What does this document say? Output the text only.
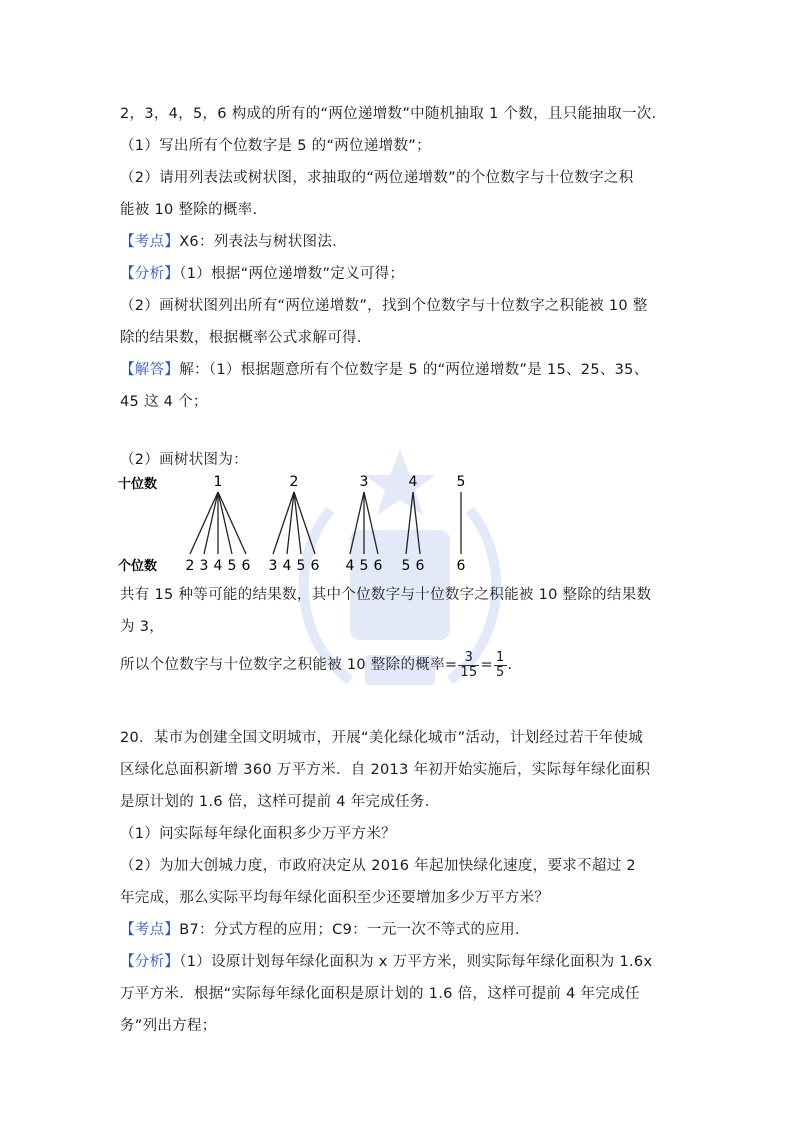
2，3，4，5，6 构成的所有的“两位递增数”中随机抽取 1 个数，且只能抽取一次.
（1）写出所有个位数字是 5 的“两位递增数”；
（2）请用列表法或树状图，求抽取的“两位递增数”的个位数字与十位数字之积
能被 10 整除的概率.
【考点】X6：列表法与树状图法.
【分析】（1）根据“两位递增数”定义可得；
（2）画树状图列出所有“两位递增数”，找到个位数字与十位数字之积能被 10 整
除的结果数，根据概率公式求解可得.
【解答】解：（1）根据题意所有个位数字是 5 的“两位递增数”是 15、25、35、
45 这 4 个；
（2）画树状图为：
十位数
个位数
1
2 3 4 5 6
2
3 4 5 6
3
4 5 6
4
5 6
5
6
共有 15 种等可能的结果数，其中个位数字与十位数字之积能被 10 整除的结果数
为 3，
所以个位数字与十位数字之积能被 10 整除的概率= $\frac{3}{15} = \frac{1}{5}$ .
20．某市为创建全国文明城市，开展“美化绿化城市”活动，计划经过若干年使城
区绿化总面积新增 360 万平方米．自 2013 年初开始实施后，实际每年绿化面积
是原计划的 1.6 倍，这样可提前 4 年完成任务.
（1）问实际每年绿化面积多少万平方米？
（2）为加大创城力度，市政府决定从 2016 年起加快绿化速度，要求不超过 2
年完成，那么实际平均每年绿化面积至少还要增加多少万平方米？
【考点】B7：分式方程的应用；C9：一元一次不等式的应用.
【分析】（1）设原计划每年绿化面积为 x 万平方米，则实际每年绿化面积为 1.6x
万平方米．根据“实际每年绿化面积是原计划的 1.6 倍，这样可提前 4 年完成任
务”列出方程；
